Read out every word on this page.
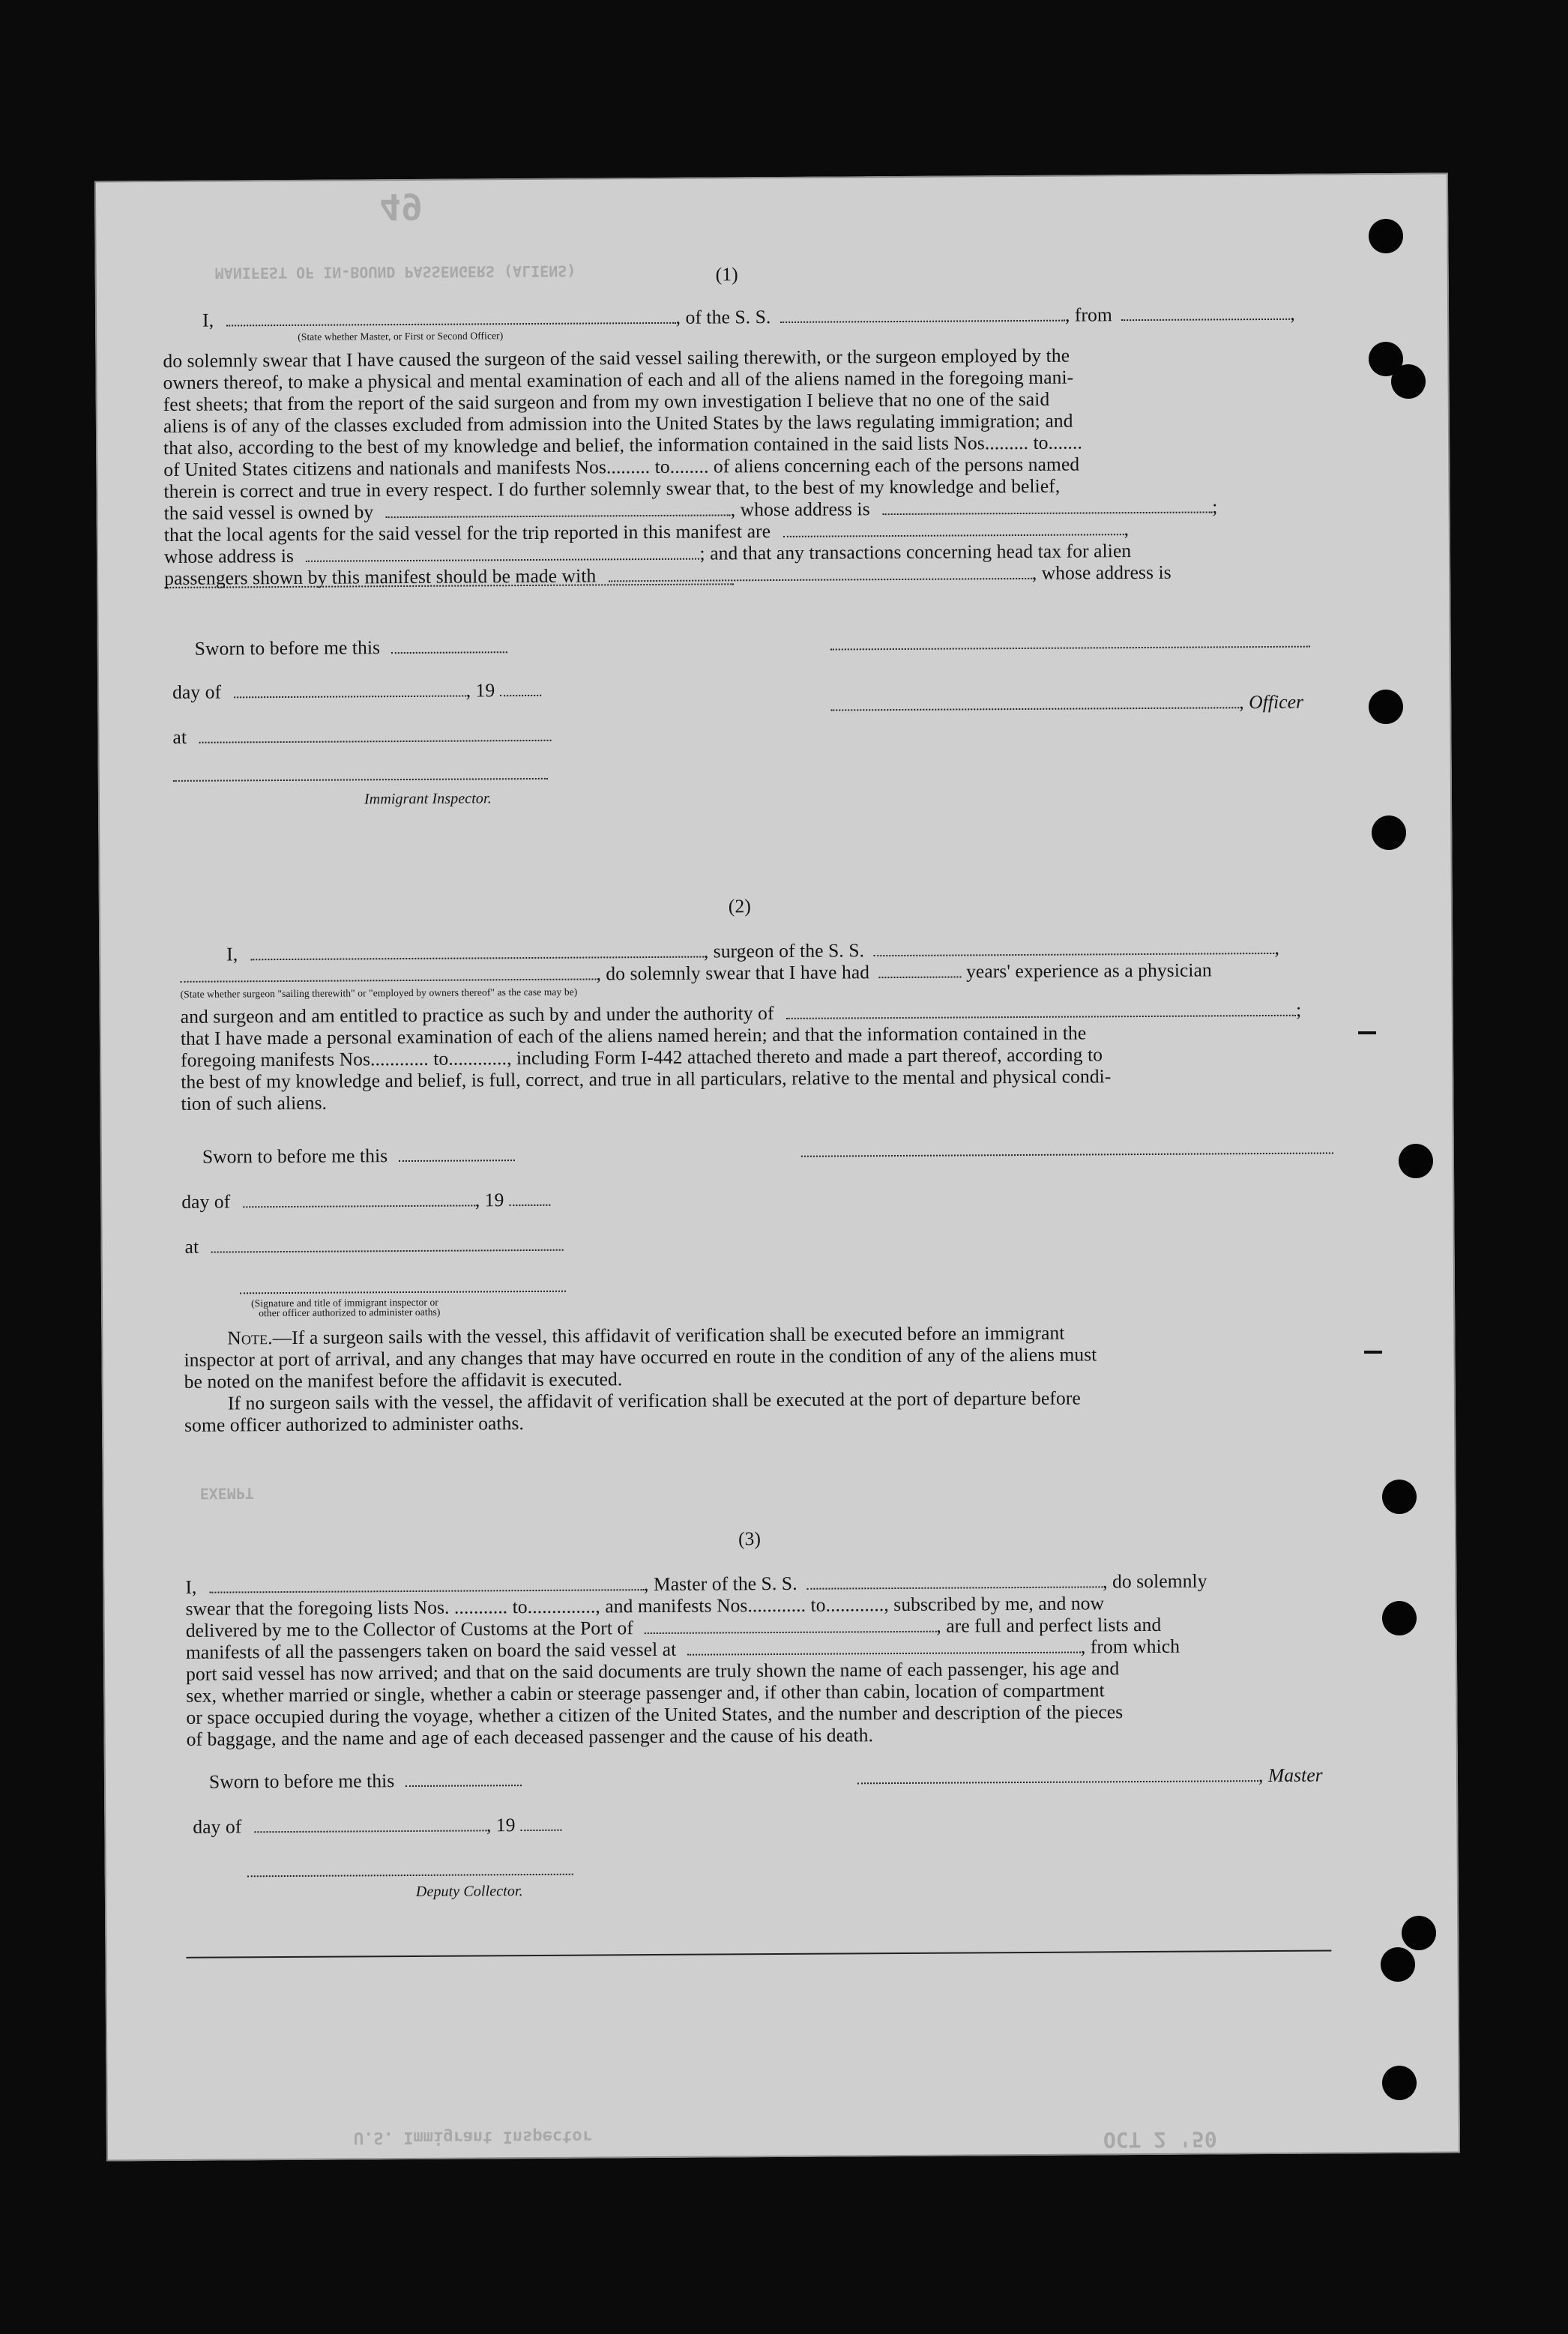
49
MANIFEST OF IN-BOUND PASSENGERS (ALIENS)
U.S. Immigrant Inspector	OCT 2 '50
EXEMPT
(1)
I,	, of the S. S.	, from	,
(State whether Master, or First or Second Officer)
do solemnly swear that I have caused the surgeon of the said vessel sailing therewith, or the surgeon employed by the
owners thereof, to make a physical and mental examination of each and all of the aliens named in the foregoing mani-
fest sheets; that from the report of the said surgeon and from my own investigation I believe that no one of the said
aliens is of any of the classes excluded from admission into the United States by the laws regulating immigration; and
that also, according to the best of my knowledge and belief, the information contained in the said lists Nos......... to.......
of United States citizens and nationals and manifests Nos......... to........ of aliens concerning each of the persons named
therein is correct and true in every respect. I do further solemnly swear that, to the best of my knowledge and belief,
the said vessel is owned by	, whose address is	;
that the local agents for the said vessel for the trip reported in this manifest are	,
whose address is	; and that any transactions concerning head tax for alien
passengers shown by this manifest should be made with	, whose address is
Sworn to before me this
day of	, 19
, Officer
at
Immigrant Inspector.
(2)
I,	, surgeon of the S. S.	,
, do solemnly swear that I have had	years' experience as a physician
(State whether surgeon "sailing therewith" or "employed by owners thereof" as the case may be)
and surgeon and am entitled to practice as such by and under the authority of	;
that I have made a personal examination of each of the aliens named herein; and that the information contained in the
foregoing manifests Nos............ to............, including Form I-442 attached thereto and made a part thereof, according to
the best of my knowledge and belief, is full, correct, and true in all particulars, relative to the mental and physical condi-
tion of such aliens.
Sworn to before me this
day of	, 19
at
(Signature and title of immigrant inspector or
other officer authorized to administer oaths)
Note.—If a surgeon sails with the vessel, this affidavit of verification shall be executed before an immigrant
inspector at port of arrival, and any changes that may have occurred en route in the condition of any of the aliens must
be noted on the manifest before the affidavit is executed.
If no surgeon sails with the vessel, the affidavit of verification shall be executed at the port of departure before
some officer authorized to administer oaths.
(3)
I,	, Master of the S. S.	, do solemnly
swear that the foregoing lists Nos. ........... to.............., and manifests Nos............ to............, subscribed by me, and now
delivered by me to the Collector of Customs at the Port of	, are full and perfect lists and
manifests of all the passengers taken on board the said vessel at	, from which
port said vessel has now arrived; and that on the said documents are truly shown the name of each passenger, his age and
sex, whether married or single, whether a cabin or steerage passenger and, if other than cabin, location of compartment
or space occupied during the voyage, whether a citizen of the United States, and the number and description of the pieces
of baggage, and the name and age of each deceased passenger and the cause of his death.
Sworn to before me this	, Master
day of	, 19
Deputy Collector.
